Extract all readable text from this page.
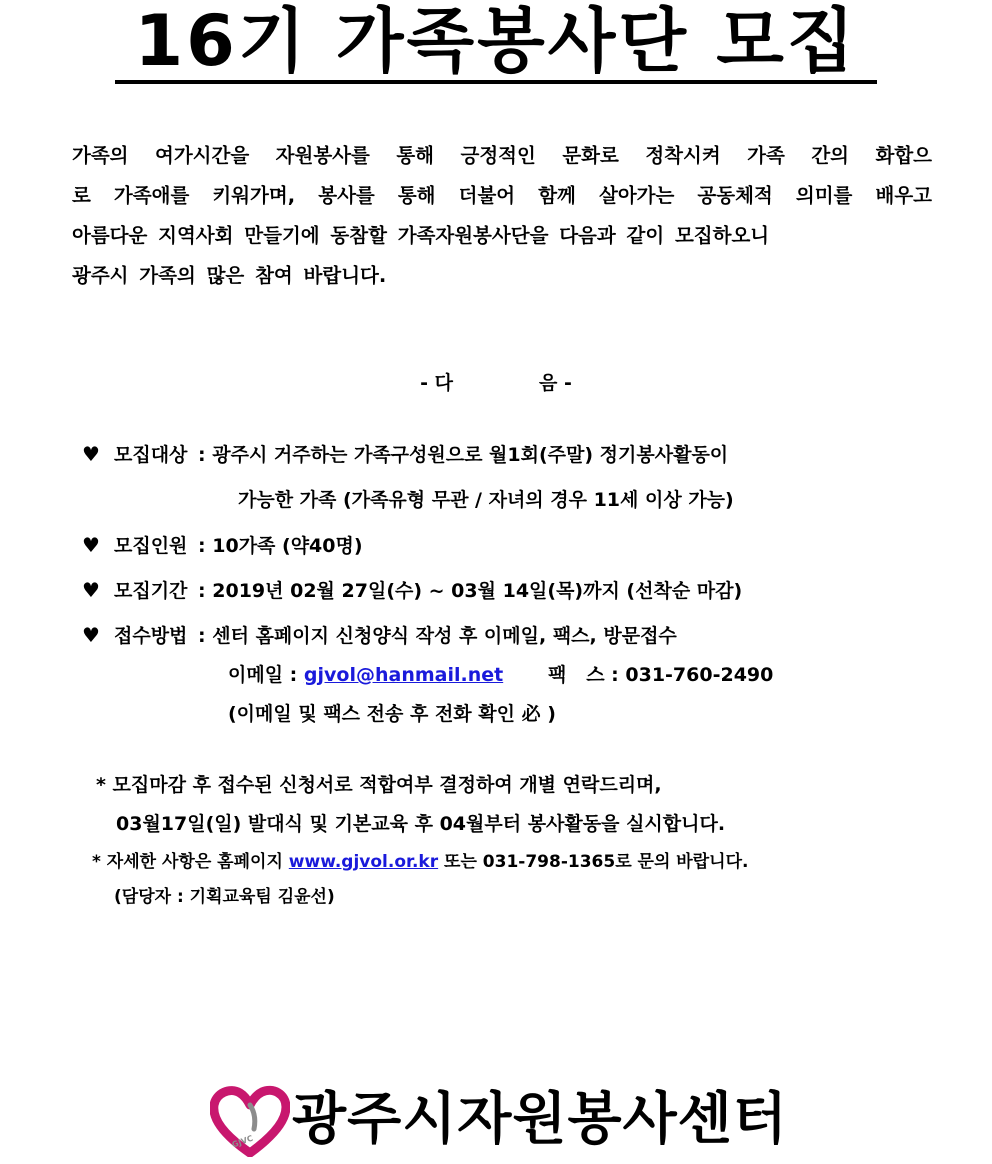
16기 가족봉사단 모집
가족의 여가시간을 자원봉사를 통해 긍정적인 문화로 정착시켜 가족 간의 화합으
로 가족애를 키워가며, 봉사를 통해 더불어 함께 살아가는 공동체적 의미를 배우고
아름다운 지역사회 만들기에 동참할 가족자원봉사단을 다음과 같이 모집하오니
광주시 가족의 많은 참여 바랍니다.
- 다	음 -
♥ 모집대상 : 광주시 거주하는 가족구성원으로 월1회(주말) 정기봉사활동이
가능한 가족 (가족유형 무관 / 자녀의 경우 11세 이상 가능)
♥ 모집인원 : 10가족 (약40명)
♥ 모집기간 : 2019년 02월 27일(수) ~ 03월 14일(목)까지 (선착순 마감)
♥ 접수방법 : 센터 홈페이지 신청양식 작성 후 이메일, 팩스, 방문접수
이메일 : gjvol@hanmail.net 팩   스 : 031-760-2490
(이메일 및 팩스 전송 후 전화 확인 必 )
* 모집마감 후 접수된 신청서로 적합여부 결정하여 개별 연락드리며,
03월17일(일) 발대식 및 기본교육 후 04월부터 봉사활동을 실시합니다.
* 자세한 사항은 홈페이지 www.gjvol.or.kr 또는 031-798-1365로 문의 바랍니다.
(담당자 : 기획교육팀 김윤선)
GJVC 광주시자원봉사센터
